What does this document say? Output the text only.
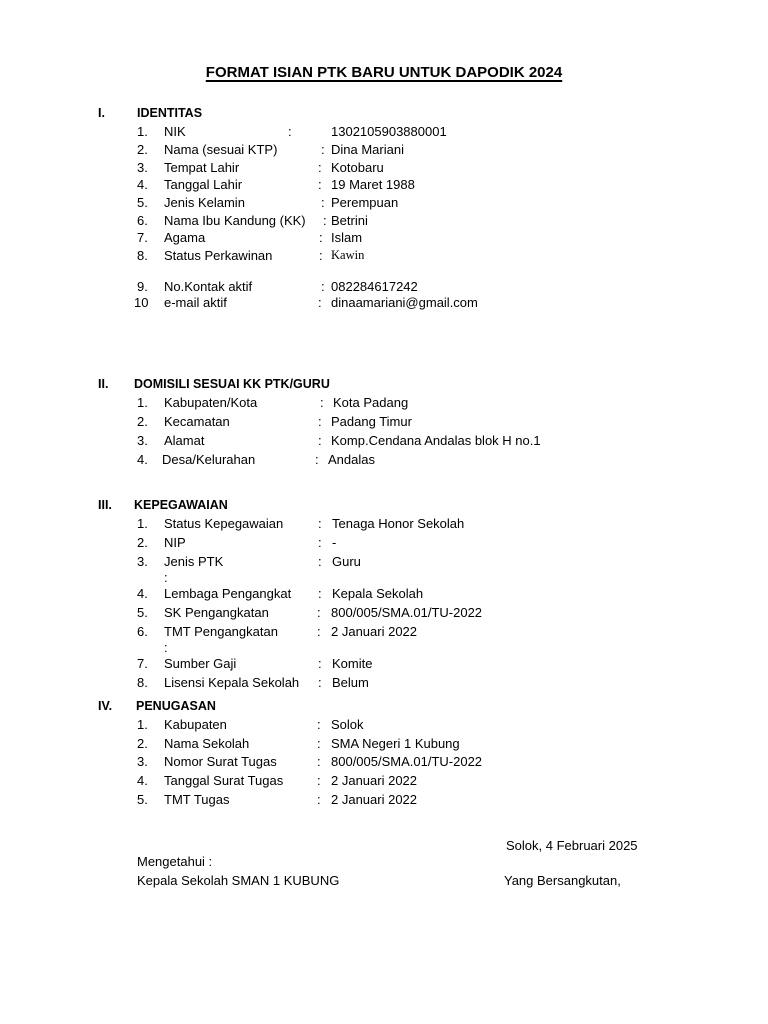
FORMAT ISIAN PTK BARU UNTUK DAPODIK 2024
I.	IDENTITAS
1. NIK	:	1302105903880001
2. Nama (sesuai KTP)	: Dina Mariani
3. Tempat Lahir	: Kotobaru
4. Tanggal Lahir	: 19 Maret 1988
5. Jenis Kelamin	: Perempuan
6. Nama Ibu Kandung (KK) : Betrini
7. Agama	: Islam
8. Status Perkawinan	: Kawin
9. No.Kontak aktif	: 082284617242
10 e-mail aktif	: dinaamariani@gmail.com
II. DOMISILI SESUAI KK PTK/GURU
1. Kabupaten/Kota	: Kota Padang
2. Kecamatan	: Padang Timur
3. Alamat	: Komp.Cendana Andalas blok H no.1
4. Desa/Kelurahan	: Andalas
III. KEPEGAWAIAN
1. Status Kepegawaian	: Tenaga Honor Sekolah
2. NIP	: -
3. Jenis PTK	: Guru
:
4. Lembaga Pengangkat : Kepala Sekolah
5. SK Pengangkatan	: 800/005/SMA.01/TU-2022
6. TMT Pengangkatan	: 2 Januari 2022
:
7. Sumber Gaji	: Komite
8. Lisensi Kepala Sekolah : Belum
IV. PENUGASAN
1. Kabupaten	: Solok
2. Nama Sekolah	: SMA Negeri 1 Kubung
3. Nomor Surat Tugas	: 800/005/SMA.01/TU-2022
4. Tanggal Surat Tugas	: 2 Januari 2022
5. TMT Tugas	: 2 Januari 2022
Solok, 4 Februari 2025
Mengetahui :
Kepala Sekolah SMAN 1 KUBUNG	Yang Bersangkutan,
